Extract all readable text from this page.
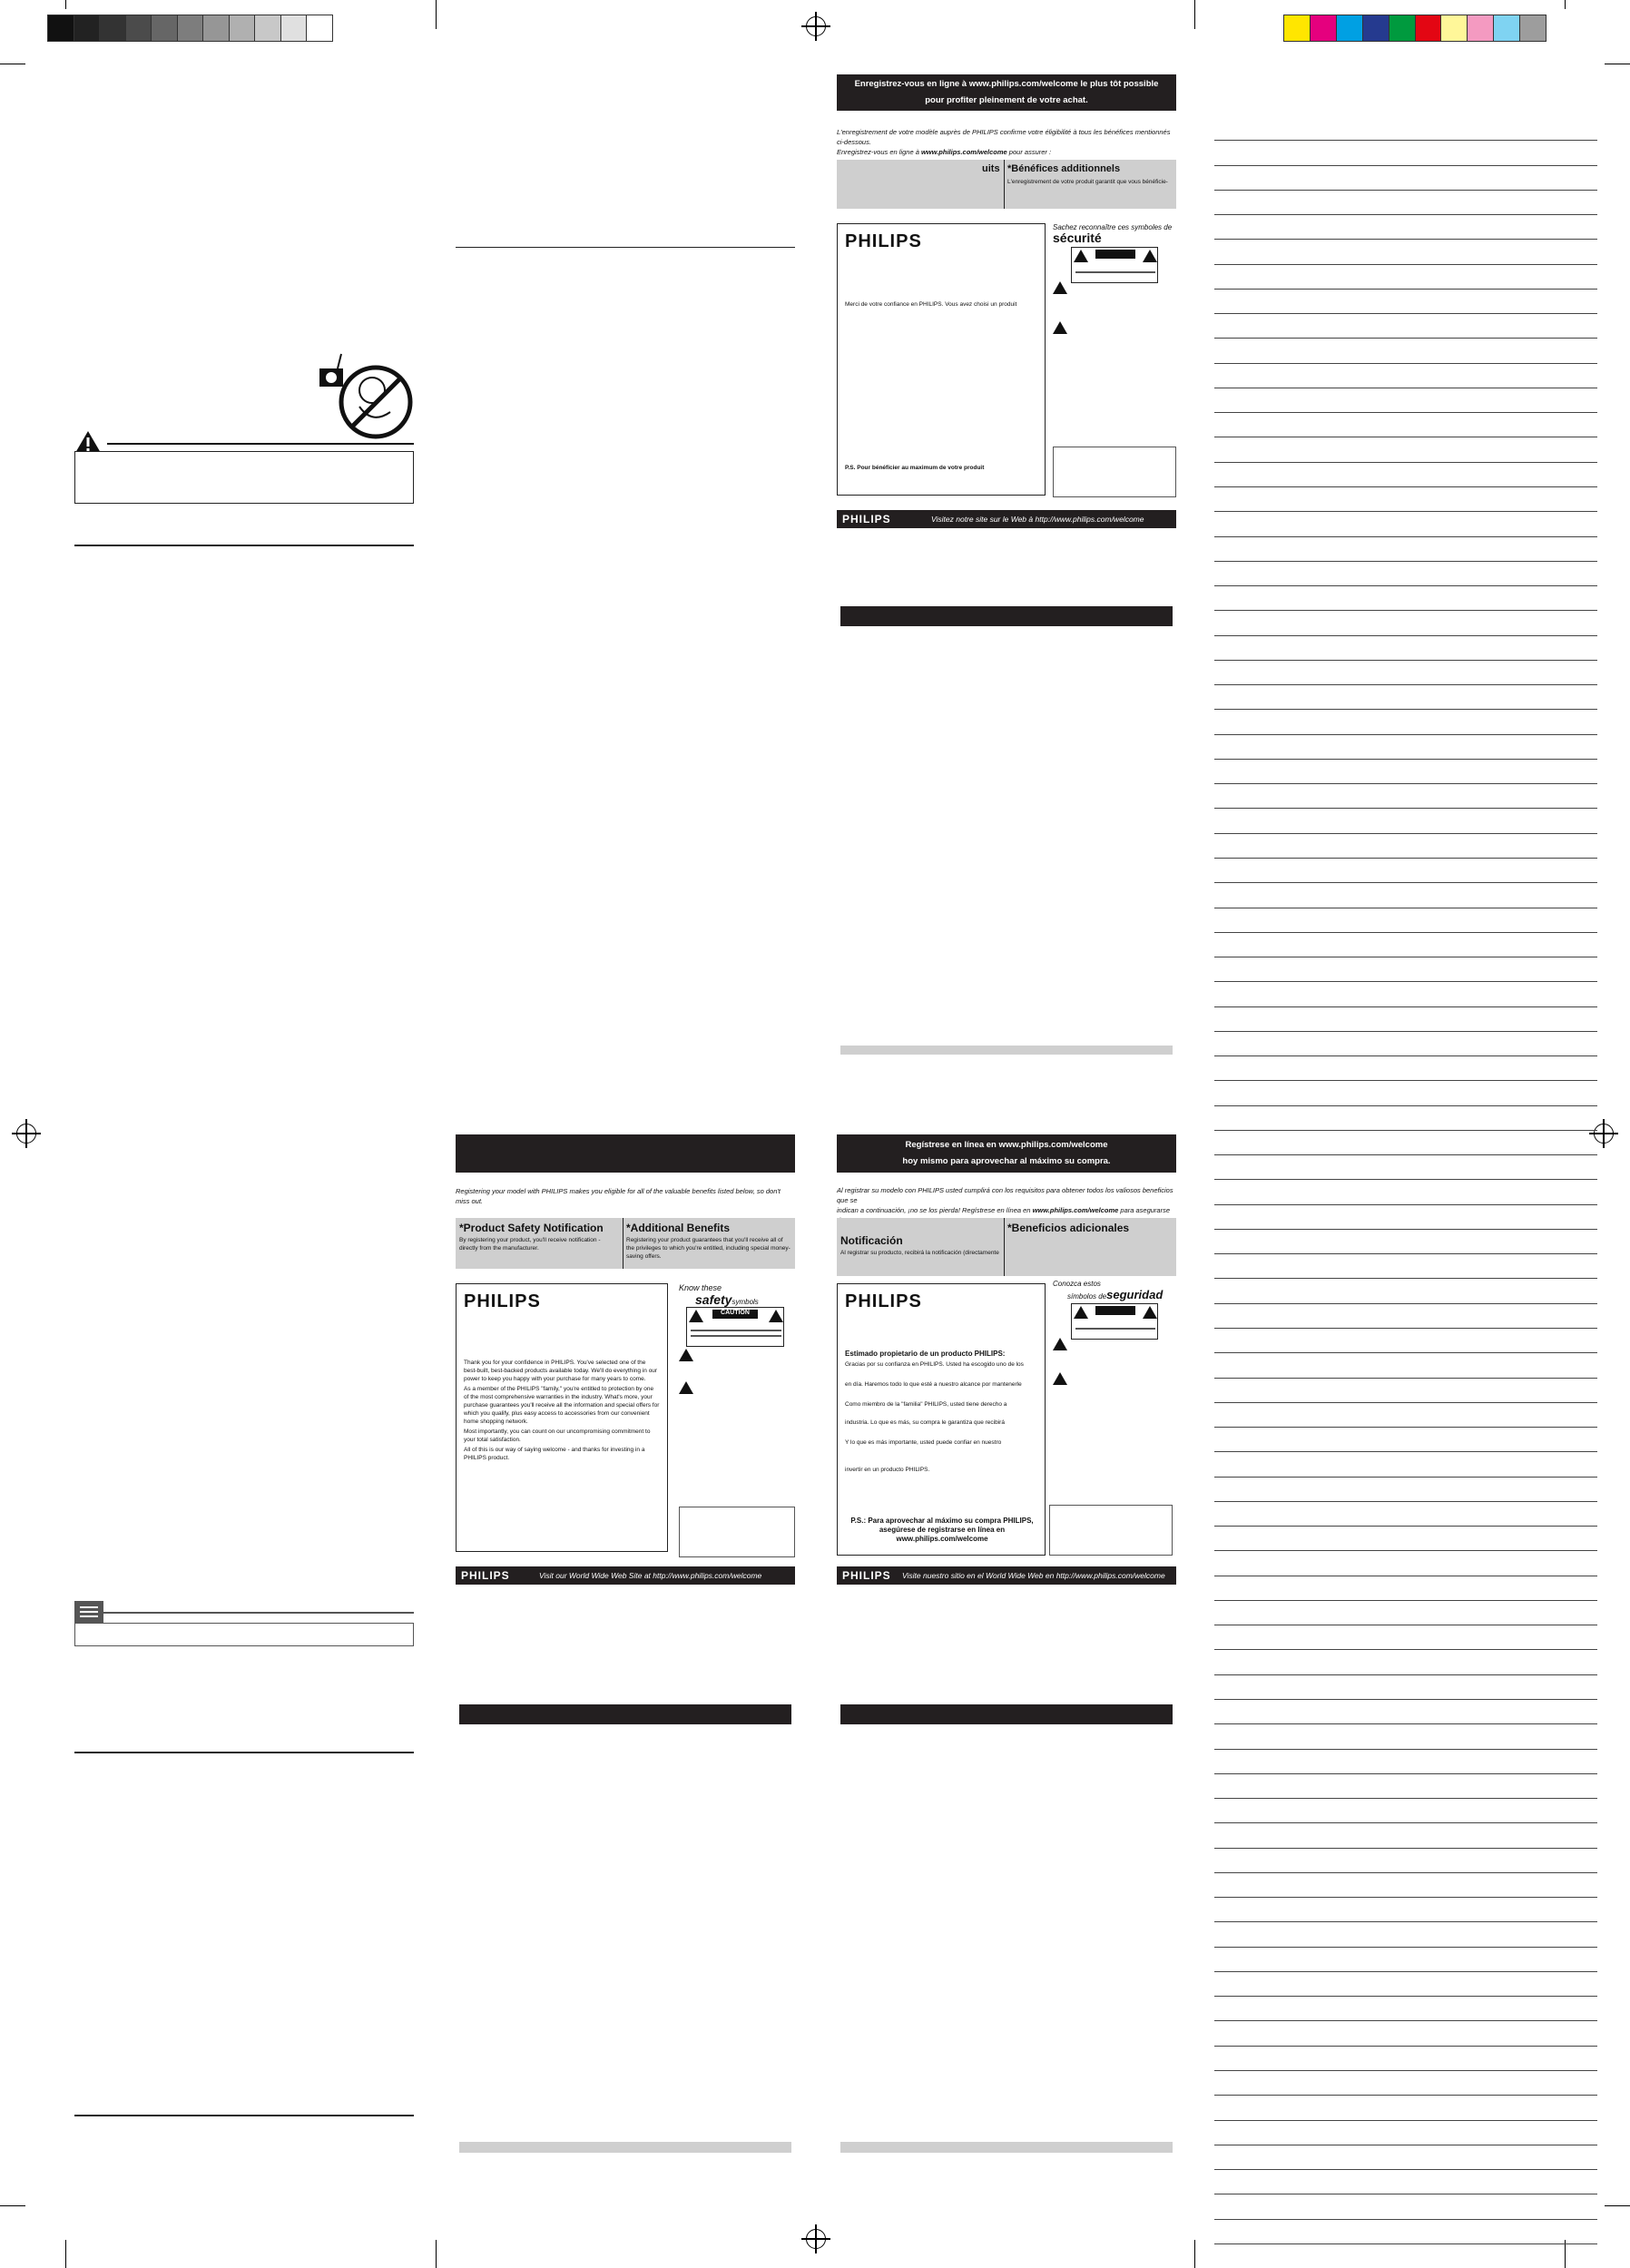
Registering your model with PHILIPS makes you eligible for all of the valuable benefits listed below, so don't miss out.
*Product Safety Notification
By registering your product, you'll receive notification - directly from the manufacturer.
*Additional Benefits
Registering your product guarantees that you'll receive all of the privileges to which you're entitled, including special money-saving offers.
PHILIPS
Thank you for your confidence in PHILIPS. You've selected one of the best-built, best-backed products available today. We'll do everything in our power to keep you happy with your purchase for many years to come.
As a member of the PHILIPS "family," you're entitled to protection by one of the most comprehensive warranties in the industry. What's more, your purchase guarantees you'll receive all the information and special offers for which you qualify, plus easy access to accessories from our convenient home shopping network.
Most importantly, you can count on our uncompromising commitment to your total satisfaction.
All of this is our way of saying welcome - and thanks for investing in a PHILIPS product.
Know these
safetysymbols
CAUTION
PHILIPS	Visit our World Wide Web Site at http://www.philips.com/welcome
Enregistrez-vous en ligne à www.philips.com/welcome le plus tôt possible
pour profiter pleinement de votre achat.
L'enregistrement de votre modèle auprès de PHILIPS confirme votre éligibilité à tous les bénéfices mentionnés ci-dessous.
Enregistrez-vous en ligne à www.philips.com/welcome pour assurer :
uits *Bénéfices additionnels
L'enregistrement de votre produit garantit que vous bénéficie-
PHILIPS
Merci de votre confiance en PHILIPS. Vous avez choisi un produit
P.S. Pour bénéficier au maximum de votre produit
Sachez reconnaître ces symboles de
sécurité
PHILIPS	Visitez notre site sur le Web à http://www.philips.com/welcome
Regístrese en línea en www.philips.com/welcome
hoy mismo para aprovechar al máximo su compra.
Al registrar su modelo con PHILIPS usted cumplirá con los requisitos para obtener todos los valiosos beneficios que se
indican a continuación, ¡no se los pierda! Regístrese en línea en www.philips.com/welcome para asegurarse
Notificación
Al registrar su producto, recibirá la notificación (directamente
*Beneficios adicionales
PHILIPS
Estimado propietario de un producto PHILIPS:
Gracias por su confianza en PHILIPS. Usted ha escogido uno de los
en día. Haremos todo lo que esté a nuestro alcance por mantenerle
Como miembro de la "familia" PHILIPS, usted tiene derecho a
industria. Lo que es más, su compra le garantiza que recibirá
Y lo que es más importante, usted puede confiar en nuestro
invertir en un producto PHILIPS.
P.S.: Para aprovechar al máximo su compra PHILIPS,
asegúrese de registrarse en línea en
www.philips.com/welcome
Conozca estos
símbolos deseguridad
PHILIPS Visite nuestro sitio en el World Wide Web en http://www.philips.com/welcome
